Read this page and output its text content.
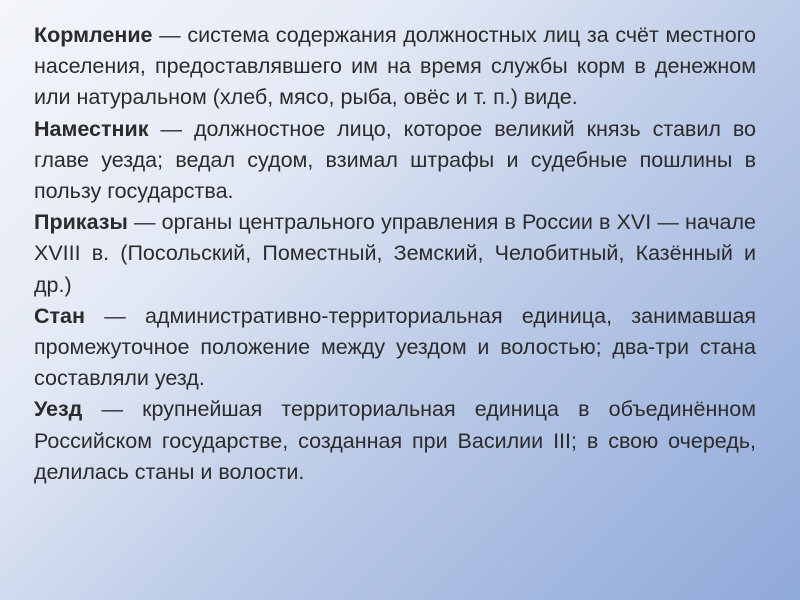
Кормление — система содержания должностных лиц за счёт местного населения, предоставлявшего им на время службы корм в денежном или натуральном (хлеб, мясо, рыба, овёс и т. п.) виде.

Наместник — должностное лицо, которое великий князь ставил во главе уезда; ведал судом, взимал штрафы и судебные пошлины в пользу государства.

Приказы — органы центрального управления в России в XVI — начале XVIII в. (Посольский, Поместный, Земский, Челобитный, Казённый и др.)

Стан — административно-территориальная единица, занимавшая промежуточное положение между уездом и волостью; два-три стана составляли уезд.

Уезд — крупнейшая территориальная единица в объединённом Российском государстве, созданная при Василии III; в свою очередь, делилась станы и волости.
